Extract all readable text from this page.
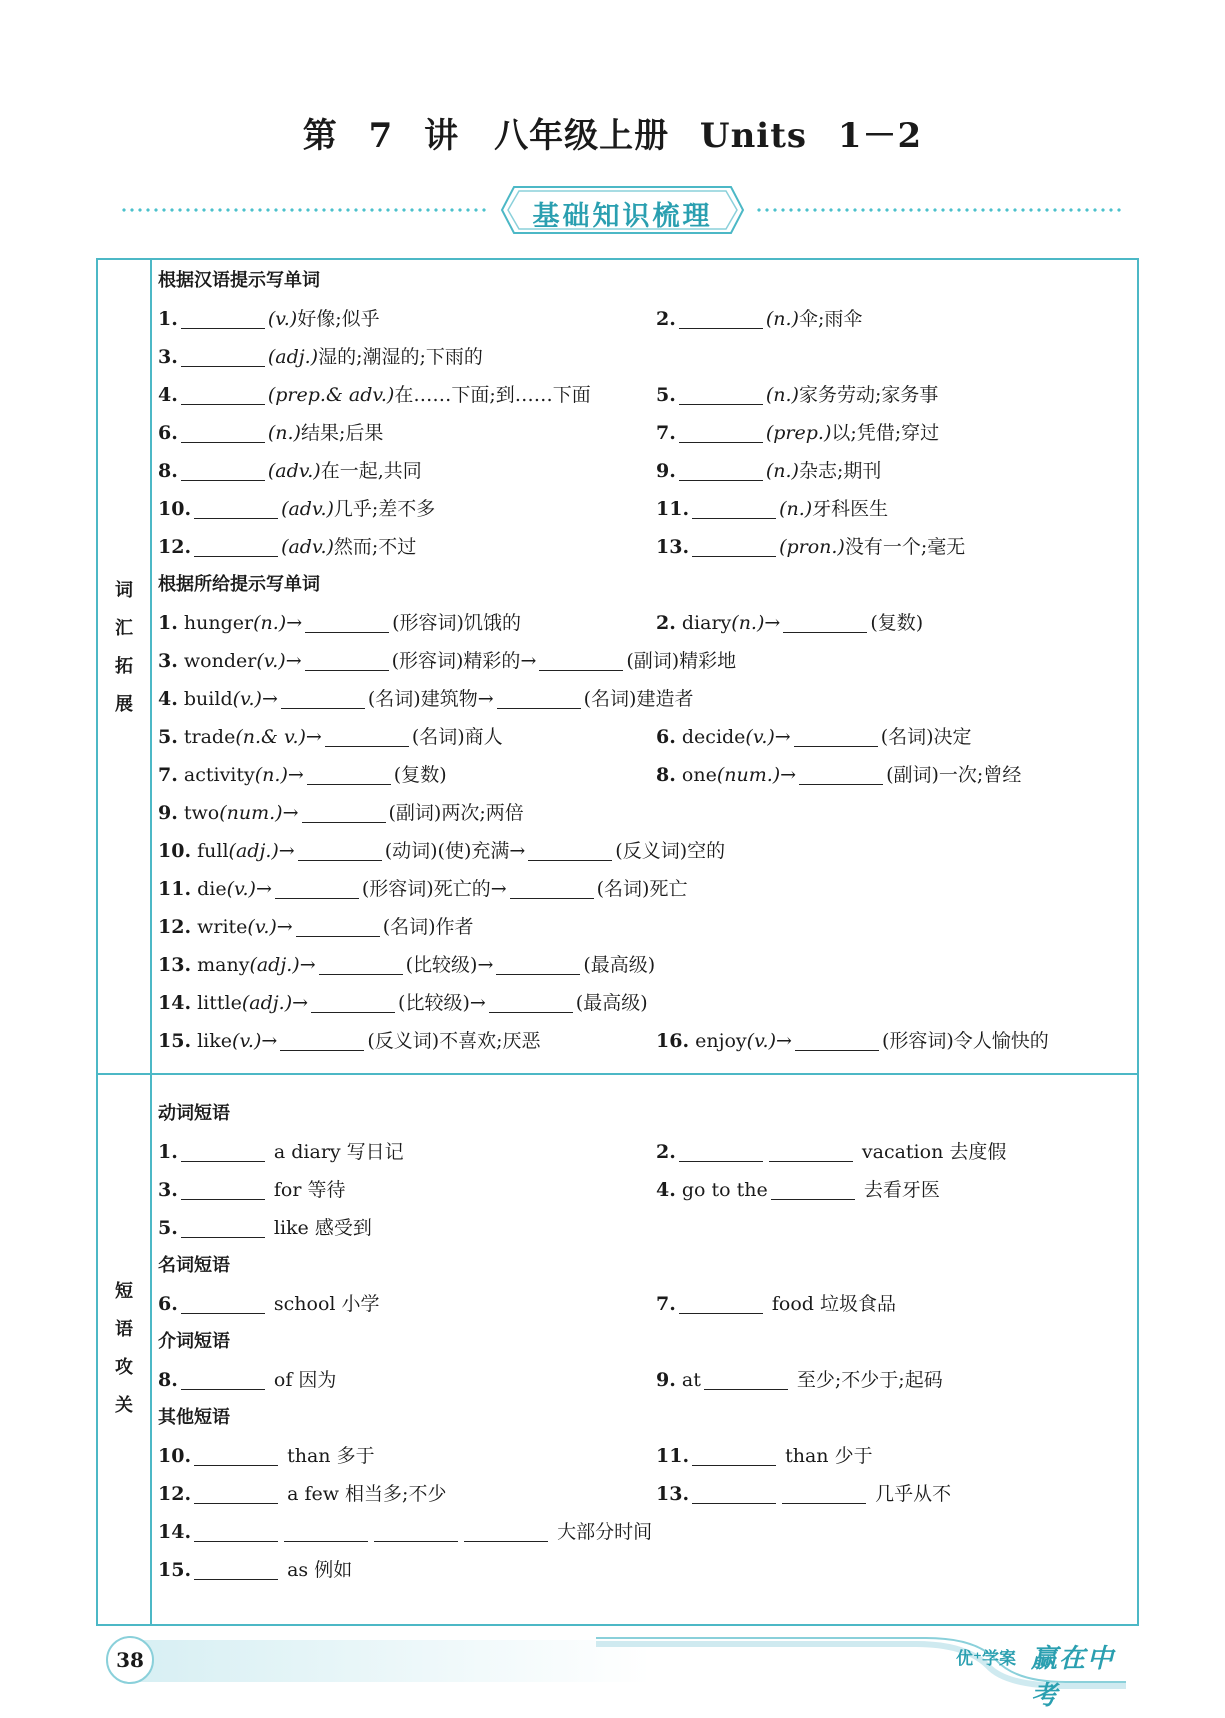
第 7 讲　八年级上册 Units 1－2
基础知识梳理
词
汇
拓
展
短
语
攻
关
根据汉语提示写单词
1.	(v.)好像;似乎	2.	(n.)伞;雨伞
3.	(adj.)湿的;潮湿的;下雨的
4.	(prep.& adv.)在……下面;到……下面	5.	(n.)家务劳动;家务事
6.	(n.)结果;后果	7.	(prep.)以;凭借;穿过
8.	(adv.)在一起,共同	9.	(n.)杂志;期刊
10.	(adv.)几乎;差不多	11.	(n.)牙科医生
12.	(adv.)然而;不过	13.	(pron.)没有一个;毫无
根据所给提示写单词
1. hunger(n.)→	(形容词)饥饿的	2. diary(n.)→	(复数)
3. wonder(v.)→	(形容词)精彩的→	(副词)精彩地
4. build(v.)→	(名词)建筑物→	(名词)建造者
5. trade(n.& v.)→	(名词)商人	6. decide(v.)→	(名词)决定
7. activity(n.)→	(复数)	8. one(num.)→	(副词)一次;曾经
9. two(num.)→	(副词)两次;两倍
10. full(adj.)→	(动词)(使)充满→	(反义词)空的
11. die(v.)→	(形容词)死亡的→	(名词)死亡
12. write(v.)→	(名词)作者
13. many(adj.)→	(比较级)→	(最高级)
14. little(adj.)→	(比较级)→	(最高级)
15. like(v.)→	(反义词)不喜欢;厌恶	16. enjoy(v.)→	(形容词)令人愉快的
动词短语
1.	a diary 写日记	2.	vacation 去度假
3.	for 等待	4. go to the	去看牙医
5.	like 感受到
名词短语
6.	school 小学	7.	food 垃圾食品
介词短语
8.	of 因为	9. at	至少;不少于;起码
其他短语
10.	than 多于	11.	than 少于
12.	a few 相当多;不少	13.	几乎从不
14.	大部分时间
15.	as 例如
38	优⁺学案 赢在中考
